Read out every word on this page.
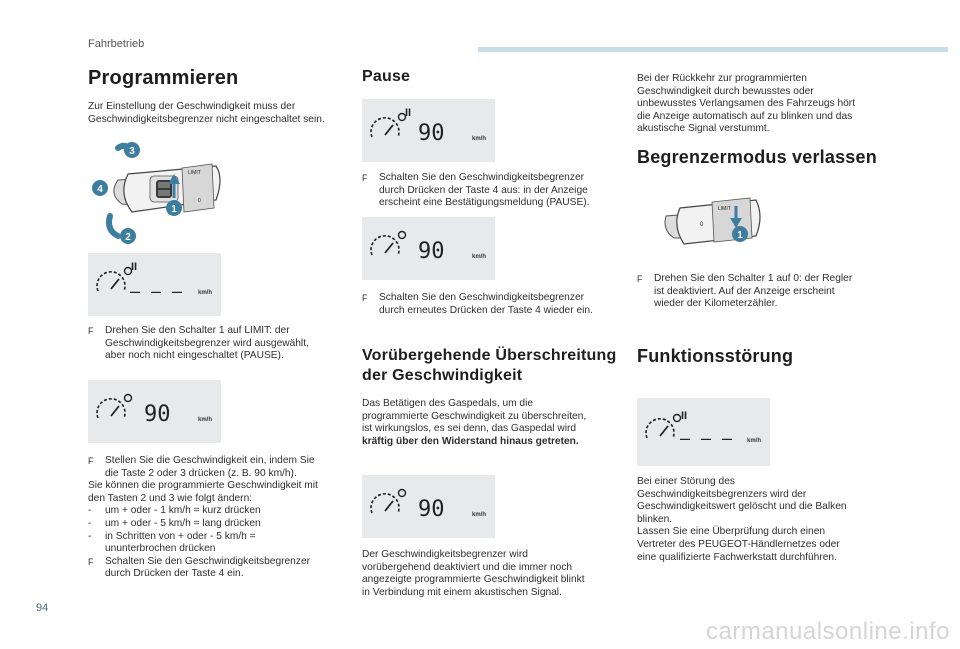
Fahrbetrieb
Programmieren
Zur Einstellung der Geschwindigkeit muss der
Geschwindigkeitsbegrenzer nicht eingeschaltet sein.
LIMIT
0
3
4
1
2
II
– – – km/h
F Drehen Sie den Schalter 1 auf LIMIT: der
Geschwindigkeitsbegrenzer wird ausgewählt,
aber noch nicht eingeschaltet (PAUSE).
90	km/h
F Stellen Sie die Geschwindigkeit ein, indem Sie
die Taste 2 oder 3 drücken (z. B. 90 km/h).
Sie können die programmierte Geschwindigkeit mit
den Tasten 2 und 3 wie folgt ändern:
- um + oder - 1 km/h = kurz drücken
- um + oder - 5 km/h = lang drücken
- in Schritten von + oder - 5 km/h =
ununterbrochen drücken
F Schalten Sie den Geschwindigkeitsbegrenzer
durch Drücken der Taste 4 ein.
Pause
II
90	km/h
F Schalten Sie den Geschwindigkeitsbegrenzer
durch Drücken der Taste 4 aus: in der Anzeige
erscheint eine Bestätigungsmeldung (PAUSE).
90	km/h
F Schalten Sie den Geschwindigkeitsbegrenzer
durch erneutes Drücken der Taste 4 wieder ein.
Vorübergehende Überschreitung
der Geschwindigkeit
Das Betätigen des Gaspedals, um die
programmierte Geschwindigkeit zu überschreiten,
ist wirkungslos, es sei denn, das Gaspedal wird
kräftig über den Widerstand hinaus getreten.
90	km/h
Der Geschwindigkeitsbegrenzer wird
vorübergehend deaktiviert und die immer noch
angezeigte programmierte Geschwindigkeit blinkt
in Verbindung mit einem akustischen Signal.
Bei der Rückkehr zur programmierten
Geschwindigkeit durch bewusstes oder
unbewusstes Verlangsamen des Fahrzeugs hört
die Anzeige automatisch auf zu blinken und das
akustische Signal verstummt.
Begrenzermodus verlassen
LIMIT
0
1
F Drehen Sie den Schalter 1 auf 0: der Regler
ist deaktiviert. Auf der Anzeige erscheint
wieder der Kilometerzähler.
Funktionsstörung
II
– – – km/h
Bei einer Störung des
Geschwindigkeitsbegrenzers wird der
Geschwindigkeitswert gelöscht und die Balken
blinken.
Lassen Sie eine Überprüfung durch einen
Vertreter des PEUGEOT-Händlernetzes oder
eine qualifizierte Fachwerkstatt durchführen.
94
carmanualsonline.info
